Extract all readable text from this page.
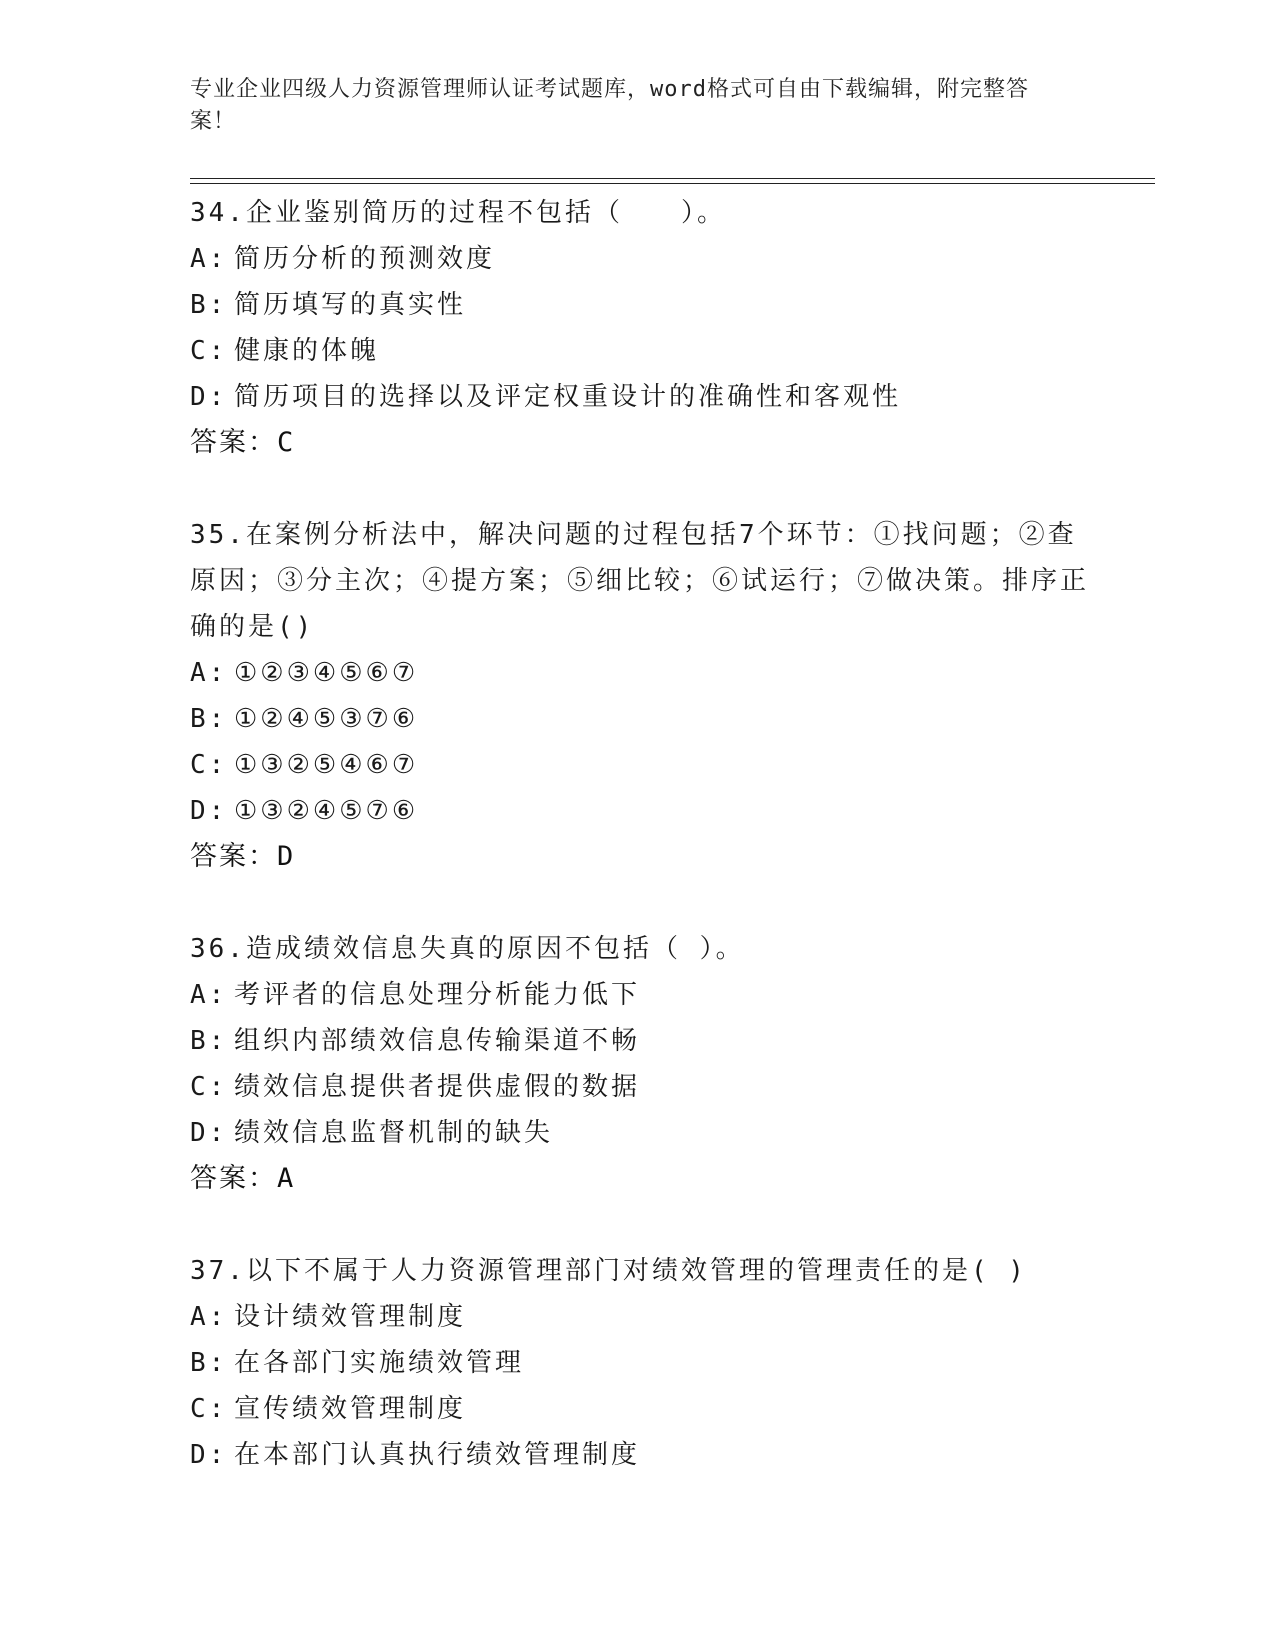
专业企业四级人力资源管理师认证考试题库，word格式可自由下载编辑，附完整答案！

34.企业鉴别简历的过程不包括（　　）。

A: 简历分析的预测效度

B: 简历填写的真实性

C: 健康的体魄

D: 简历项目的选择以及评定权重设计的准确性和客观性

答案：C

35.在案例分析法中，解决问题的过程包括7个环节：①找问题；②查原因；③分主次；④提方案；⑤细比较；⑥试运行；⑦做决策。排序正确的是()

A: ①②③④⑤⑥⑦

B: ①②④⑤③⑦⑥

C: ①③②⑤④⑥⑦

D: ①③②④⑤⑦⑥

答案：D

36.造成绩效信息失真的原因不包括（ ）。

A: 考评者的信息处理分析能力低下

B: 组织内部绩效信息传输渠道不畅

C: 绩效信息提供者提供虚假的数据

D: 绩效信息监督机制的缺失

答案：A

37.以下不属于人力资源管理部门对绩效管理的管理责任的是( )

A: 设计绩效管理制度

B: 在各部门实施绩效管理

C: 宣传绩效管理制度

D: 在本部门认真执行绩效管理制度
